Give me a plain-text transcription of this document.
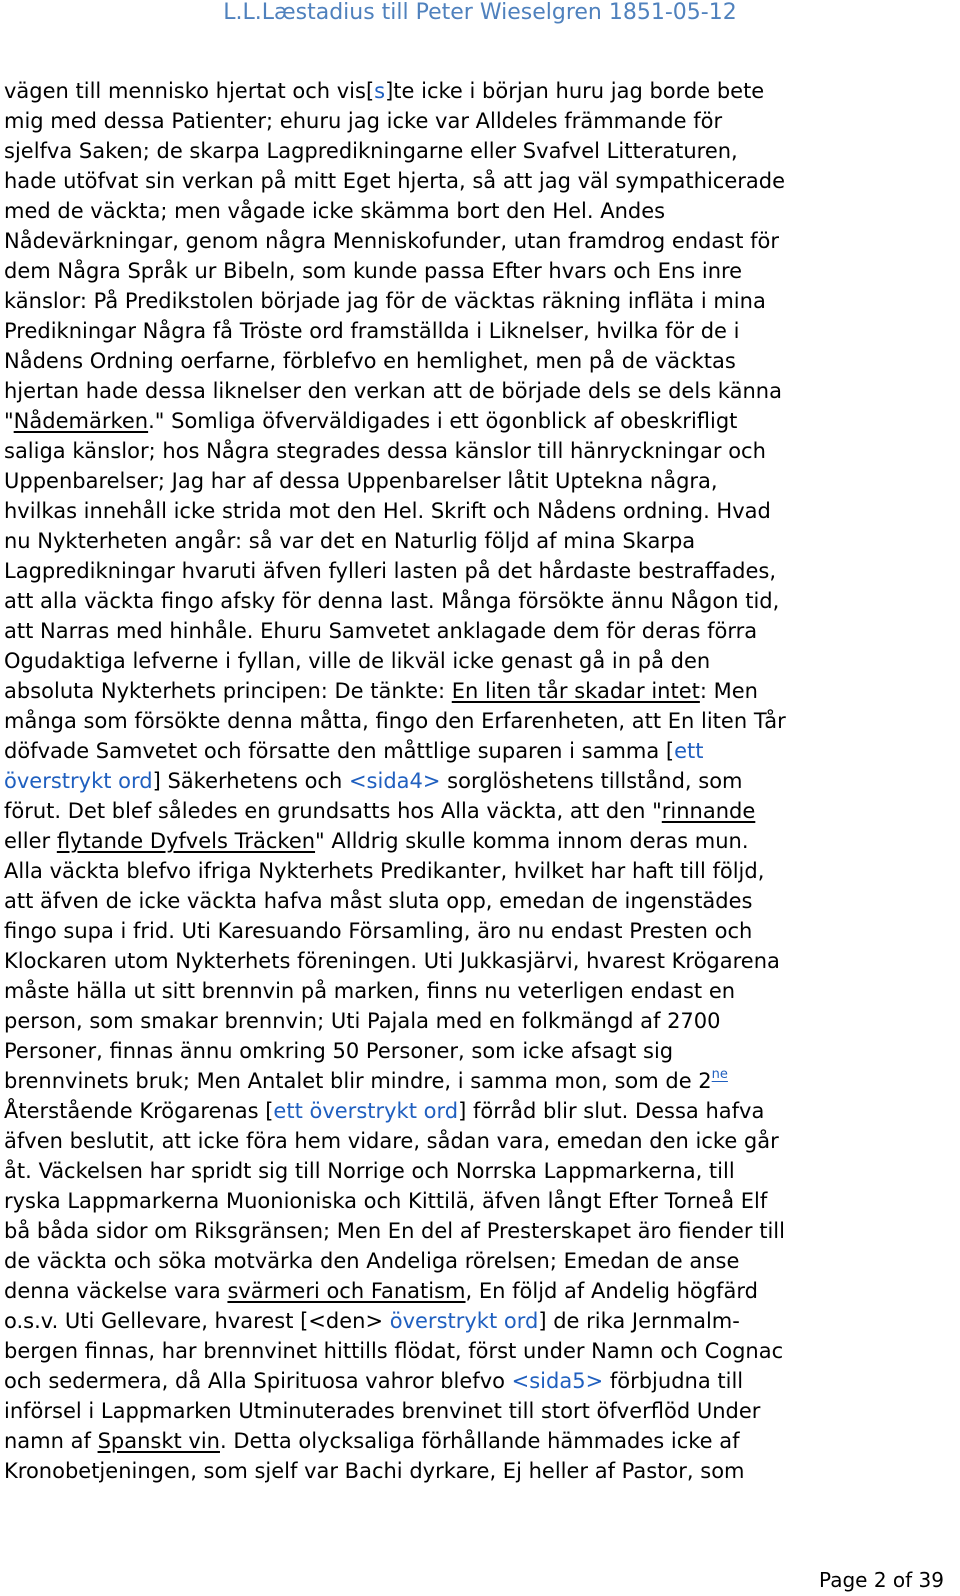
L.L.Læstadius till Peter Wieselgren 1851-05-12
vägen till mennisko hjertat och vis[s]te icke i början huru jag borde bete
mig med dessa Patienter; ehuru jag icke var Alldeles främmande för
sjelfva Saken; de skarpa Lagpredikningarne eller Svafvel Litteraturen,
hade utöfvat sin verkan på mitt Eget hjerta, så att jag väl sympathicerade
med de väckta; men vågade icke skämma bort den Hel. Andes
Nådevärkningar, genom några Menniskofunder, utan framdrog endast för
dem Några Språk ur Bibeln, som kunde passa Efter hvars och Ens inre
känslor: På Predikstolen började jag för de väcktas räkning infläta i mina
Predikningar Några få Tröste ord framställda i Liknelser, hvilka för de i
Nådens Ordning oerfarne, förblefvo en hemlighet, men på de väcktas
hjertan hade dessa liknelser den verkan att de började dels se dels känna
"Nådemärken." Somliga öfverväldigades i ett ögonblick af obeskrifligt
saliga känslor; hos Några stegrades dessa känslor till hänryckningar och
Uppenbarelser; Jag har af dessa Uppenbarelser låtit Uptekna några,
hvilkas innehåll icke strida mot den Hel. Skrift och Nådens ordning. Hvad
nu Nykterheten angår: så var det en Naturlig följd af mina Skarpa
Lagpredikningar hvaruti äfven fylleri lasten på det hårdaste bestraffades,
att alla väckta fingo afsky för denna last. Många försökte ännu Någon tid,
att Narras med hinhåle. Ehuru Samvetet anklagade dem för deras förra
Ogudaktiga lefverne i fyllan, ville de likväl icke genast gå in på den
absoluta Nykterhets principen: De tänkte: En liten tår skadar intet: Men
många som försökte denna måtta, fingo den Erfarenheten, att En liten Tår
döfvade Samvetet och försatte den måttlige suparen i samma [ett
överstrykt ord] Säkerhetens och <sida4> sorglöshetens tillstånd, som
förut. Det blef således en grundsatts hos Alla väckta, att den "rinnande
eller flytande Dyfvels Träcken" Alldrig skulle komma innom deras mun.
Alla väckta blefvo ifriga Nykterhets Predikanter, hvilket har haft till följd,
att äfven de icke väckta hafva måst sluta opp, emedan de ingenstädes
fingo supa i frid. Uti Karesuando Församling, äro nu endast Presten och
Klockaren utom Nykterhets föreningen. Uti Jukkasjärvi, hvarest Krögarena
måste hälla ut sitt brennvin på marken, finns nu veterligen endast en
person, som smakar brennvin; Uti Pajala med en folkmängd af 2700
Personer, finnas ännu omkring 50 Personer, som icke afsagt sig
brennvinets bruk; Men Antalet blir mindre, i samma mon, som de $2^{ne}$
Återstående Krögarenas [ett överstrykt ord] förråd blir slut. Dessa hafva
äfven beslutit, att icke föra hem vidare, sådan vara, emedan den icke går
åt. Väckelsen har spridt sig till Norrige och Norrska Lappmarkerna, till
ryska Lappmarkerna Muonioniska och Kittilä, äfven långt Efter Torneå Elf
bå båda sidor om Riksgränsen; Men En del af Presterskapet äro fiender till
de väckta och söka motvärka den Andeliga rörelsen; Emedan de anse
denna väckelse vara svärmeri och Fanatism, En följd af Andelig högfärd
o.s.v. Uti Gellevare, hvarest [<den> överstrykt ord] de rika Jernmalm-
bergen finnas, har brennvinet hittills flödat, först under Namn och Cognac
och sedermera, då Alla Spirituosa vahror blefvo <sida5> förbjudna till
införsel i Lappmarken Utminuterades brenvinet till stort öfverflöd Under
namn af Spanskt vin. Detta olycksaliga förhållande hämmades icke af
Kronobetjeningen, som sjelf var Bachi dyrkare, Ej heller af Pastor, som
Page 2 of 39
